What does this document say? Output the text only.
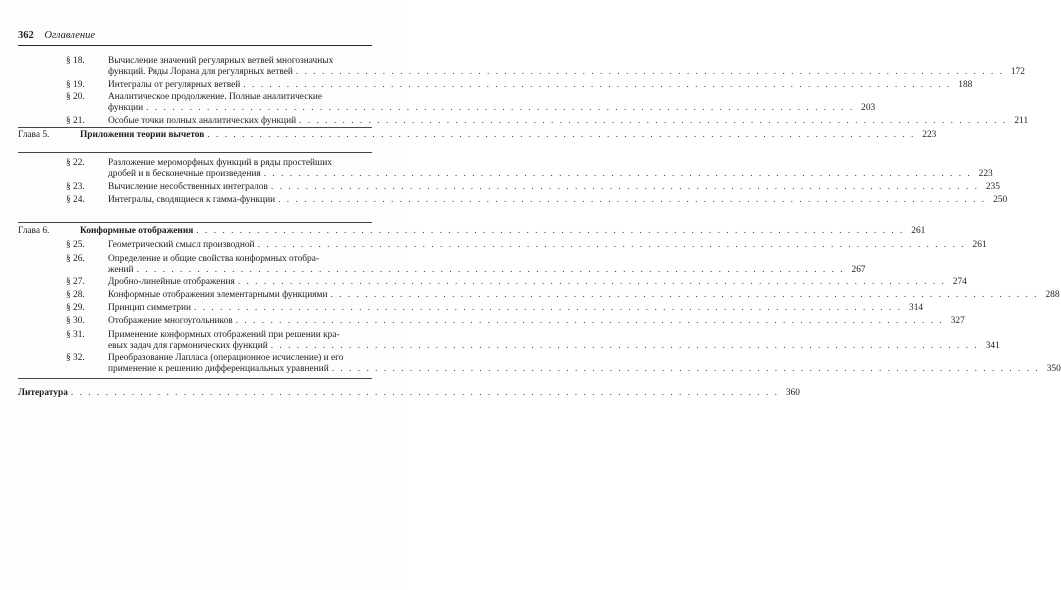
362 Оглавление
§ 18. Вычисление значений регулярных ветвей многозначных
функций. Ряды Лорана для регулярных ветвей . . .	172
§ 19. Интегралы от регулярных ветвей . . .	188
§ 20. Аналитическое продолжение. Полные аналитические
функции . . .	203
§ 21. Особые точки полных аналитических функций . . .	211
Глава 5.	Приложения теории вычетов . . .	223
§ 22. Разложение мероморфных функций в ряды простейших
дробей и в бесконечные произведения . . .	223
§ 23. Вычисление несобственных интегралов . . .	235
§ 24. Интегралы, сводящиеся к гамма-функции . . .	250
Глава 6.	Конформные отображения . . .	261
§ 25. Геометрический смысл производной . . .	261
§ 26. Определение и общие свойства конформных отобра-
жений . . .	267
§ 27. Дробно-линейные отображения . . .	274
§ 28. Конформные отображения элементарными функциями . . .	288
§ 29. Принцип симметрии . . .	314
§ 30. Отображение многоугольников . . .	327
§ 31. Применение конформных отображений при решении кра-
евых задач для гармонических функций . . .	341
§ 32. Преобразование Лапласа (операционное исчисление) и его
применение к решению дифференциальных уравнений . . .	350
Литература . . .	360
